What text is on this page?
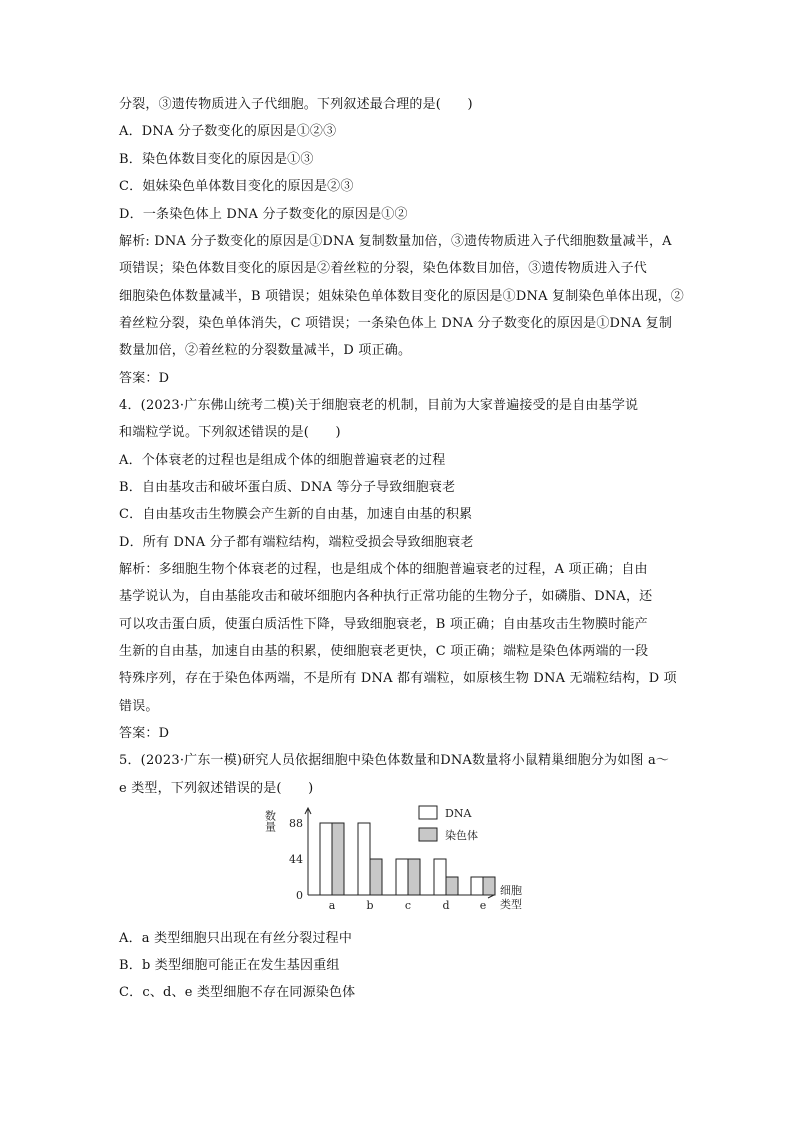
分裂，③遗传物质进入子代细胞。下列叙述最合理的是(　　)
A．DNA 分子数变化的原因是①②③
B．染色体数目变化的原因是①③
C．姐妹染色单体数目变化的原因是②③
D．一条染色体上 DNA 分子数变化的原因是①②
解析: DNA 分子数变化的原因是①DNA 复制数量加倍，③遗传物质进入子代细胞数量减半，A
项错误；染色体数目变化的原因是②着丝粒的分裂，染色体数目加倍，③遗传物质进入子代
细胞染色体数量减半，B 项错误；姐妹染色单体数目变化的原因是①DNA 复制染色单体出现，②
着丝粒分裂，染色单体消失，C 项错误；一条染色体上 DNA 分子数变化的原因是①DNA 复制
数量加倍，②着丝粒的分裂数量减半，D 项正确。
答案：D
4．(2023·广东佛山统考二模)关于细胞衰老的机制，目前为大家普遍接受的是自由基学说
和端粒学说。下列叙述错误的是(　　)
A．个体衰老的过程也是组成个体的细胞普遍衰老的过程
B．自由基攻击和破坏蛋白质、DNA 等分子导致细胞衰老
C．自由基攻击生物膜会产生新的自由基，加速自由基的积累
D．所有 DNA 分子都有端粒结构，端粒受损会导致细胞衰老
解析：多细胞生物个体衰老的过程，也是组成个体的细胞普遍衰老的过程，A 项正确；自由
基学说认为，自由基能攻击和破坏细胞内各种执行正常功能的生物分子，如磷脂、DNA，还
可以攻击蛋白质，使蛋白质活性下降，导致细胞衰老，B 项正确；自由基攻击生物膜时能产
生新的自由基，加速自由基的积累，使细胞衰老更快，C 项正确；端粒是染色体两端的一段
特殊序列，存在于染色体两端，不是所有 DNA 都有端粒，如原核生物 DNA 无端粒结构，D 项
错误。
答案：D
5．(2023·广东一模)研究人员依据细胞中染色体数量和DNA数量将小鼠精巢细胞分为如图 a～
e 类型，下列叙述错误的是(　　)
A．a 类型细胞只出现在有丝分裂过程中
B．b 类型细胞可能正在发生基因重组
C．c、d、e 类型细胞不存在同源染色体
数量
0
44
88
a	b	c	d	e
细胞
类型
DNA
染色体
